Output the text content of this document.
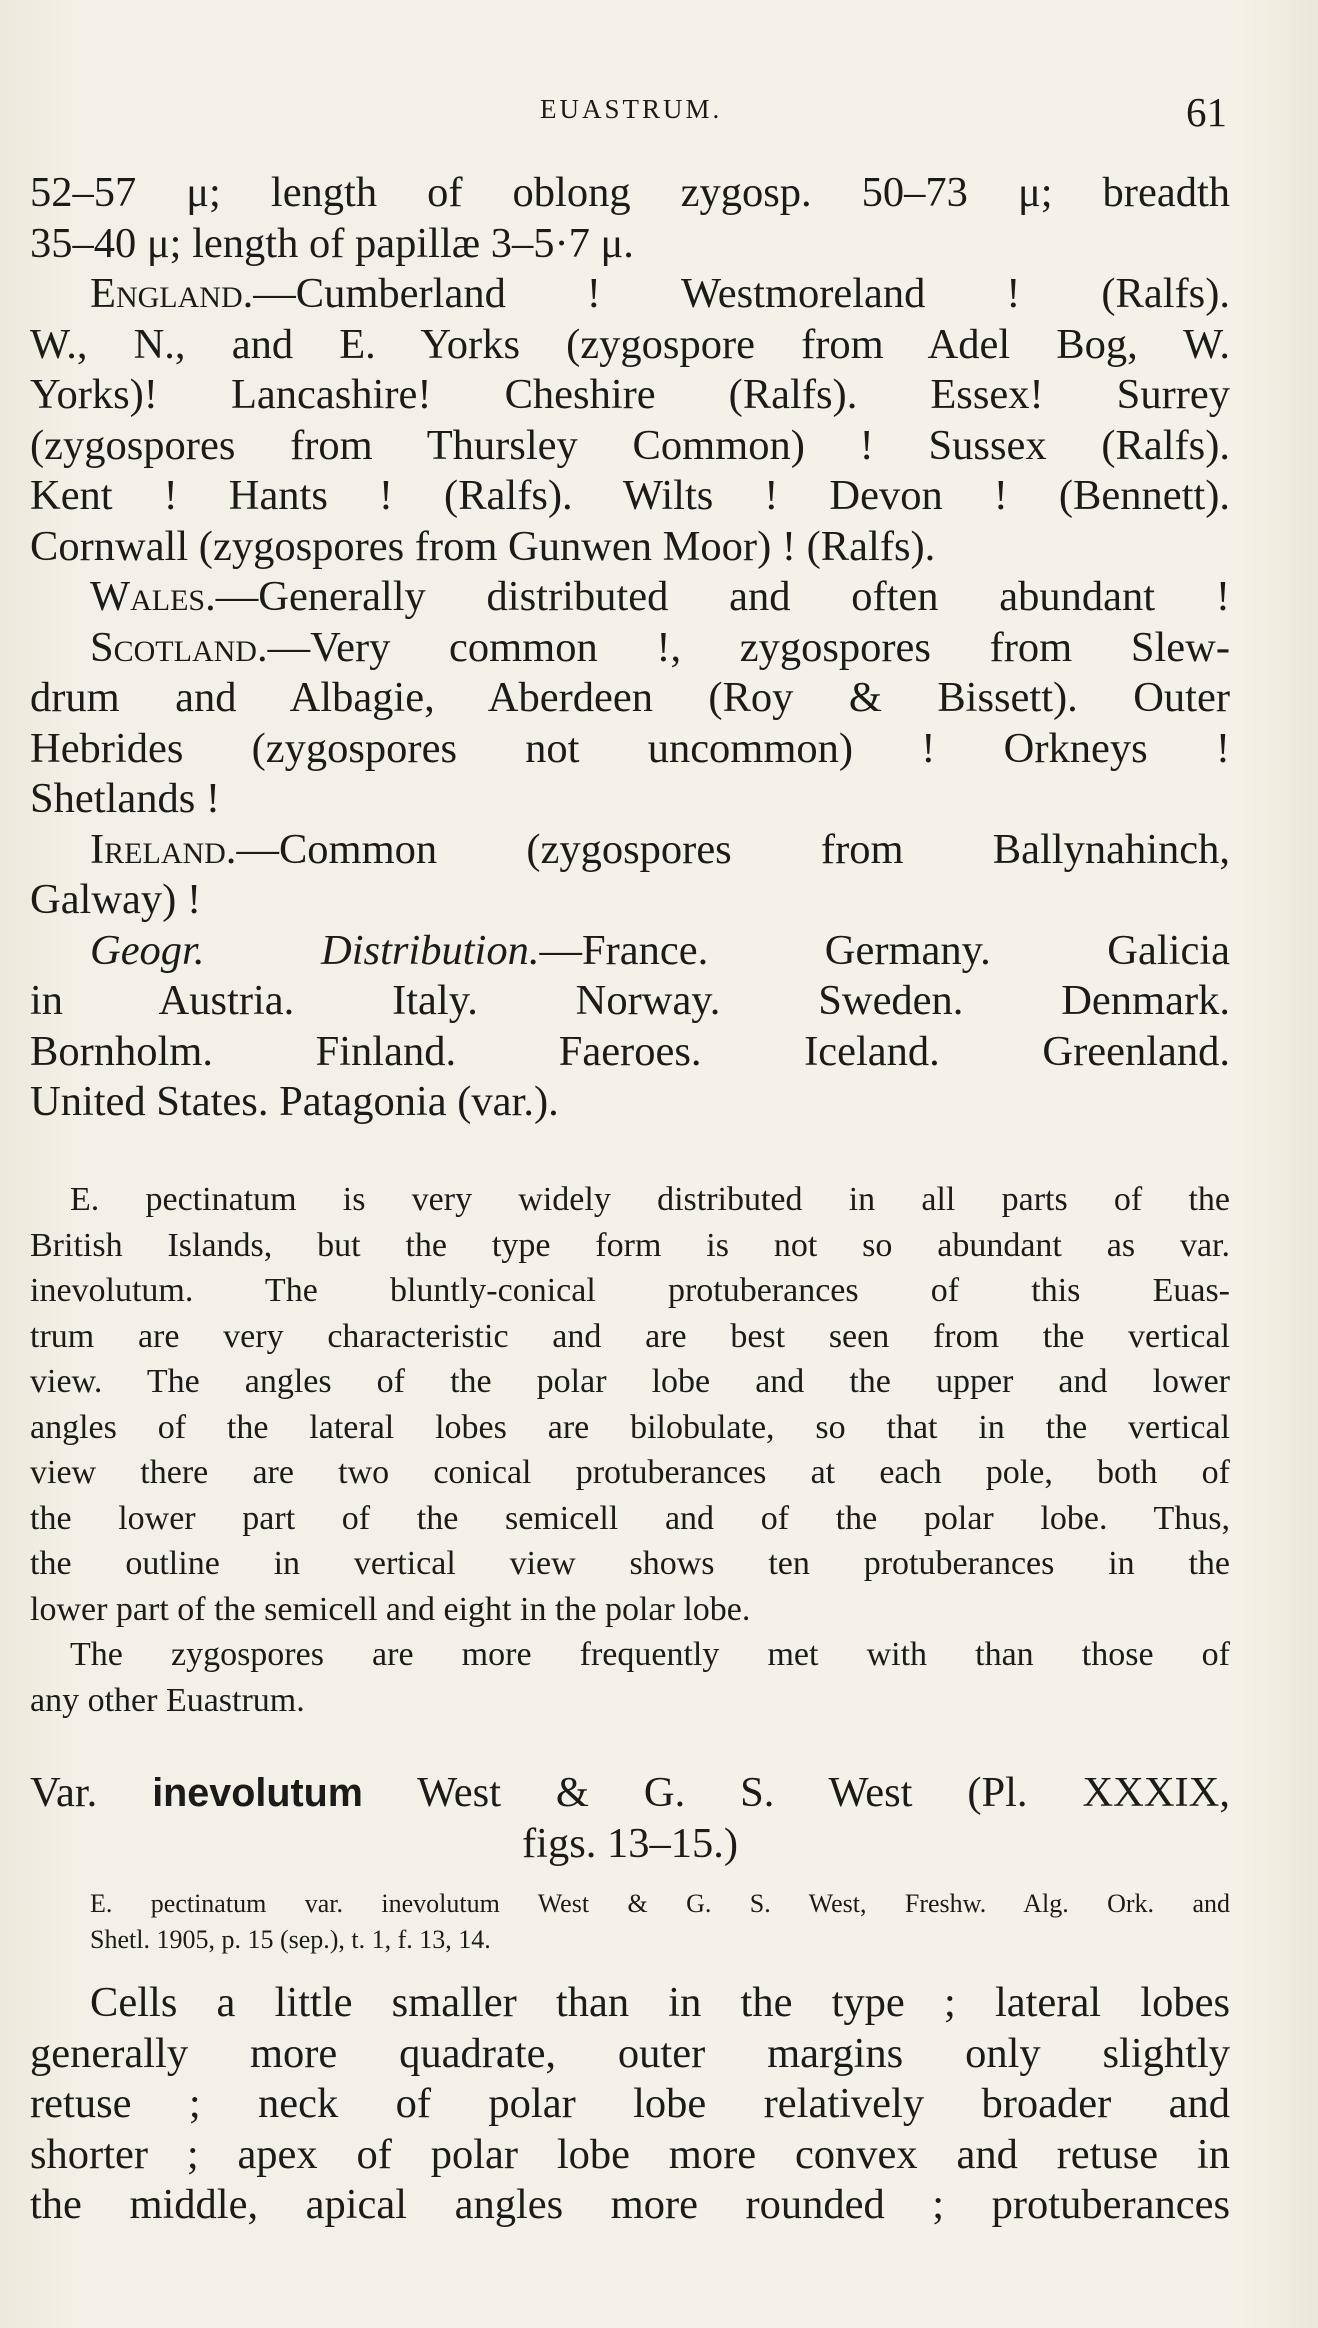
EUASTRUM.	61
52–57 μ; length of oblong zygosp. 50–73 μ; breadth
35–40 μ; length of papillæ 3–5·7 μ.
England.—Cumberland ! Westmoreland ! (Ralfs).
W., N., and E. Yorks (zygospore from Adel Bog, W.
Yorks)! Lancashire! Cheshire (Ralfs). Essex! Surrey
(zygospores from Thursley Common) ! Sussex (Ralfs).
Kent ! Hants ! (Ralfs). Wilts ! Devon ! (Bennett).
Cornwall (zygospores from Gunwen Moor) ! (Ralfs).
Wales.—Generally distributed and often abundant !
Scotland.—Very common !, zygospores from Slew-
drum and Albagie, Aberdeen (Roy & Bissett). Outer
Hebrides (zygospores not uncommon) ! Orkneys !
Shetlands !
Ireland.—Common (zygospores from Ballynahinch,
Galway) !
Geogr. Distribution.—France. Germany. Galicia
in Austria. Italy. Norway. Sweden. Denmark.
Bornholm. Finland. Faeroes. Iceland. Greenland.
United States. Patagonia (var.).
E. pectinatum is very widely distributed in all parts of the
British Islands, but the type form is not so abundant as var.
inevolutum. The bluntly-conical protuberances of this Euas-
trum are very characteristic and are best seen from the vertical
view. The angles of the polar lobe and the upper and lower
angles of the lateral lobes are bilobulate, so that in the vertical
view there are two conical protuberances at each pole, both of
the lower part of the semicell and of the polar lobe. Thus,
the outline in vertical view shows ten protuberances in the
lower part of the semicell and eight in the polar lobe.
The zygospores are more frequently met with than those of
any other Euastrum.
Var. inevolutum West & G. S. West (Pl. XXXIX,
figs. 13–15.)
E. pectinatum var. inevolutum West & G. S. West, Freshw. Alg. Ork. and
Shetl. 1905, p. 15 (sep.), t. 1, f. 13, 14.
Cells a little smaller than in the type ; lateral lobes
generally more quadrate, outer margins only slightly
retuse ; neck of polar lobe relatively broader and
shorter ; apex of polar lobe more convex and retuse in
the middle, apical angles more rounded ; protuberances
